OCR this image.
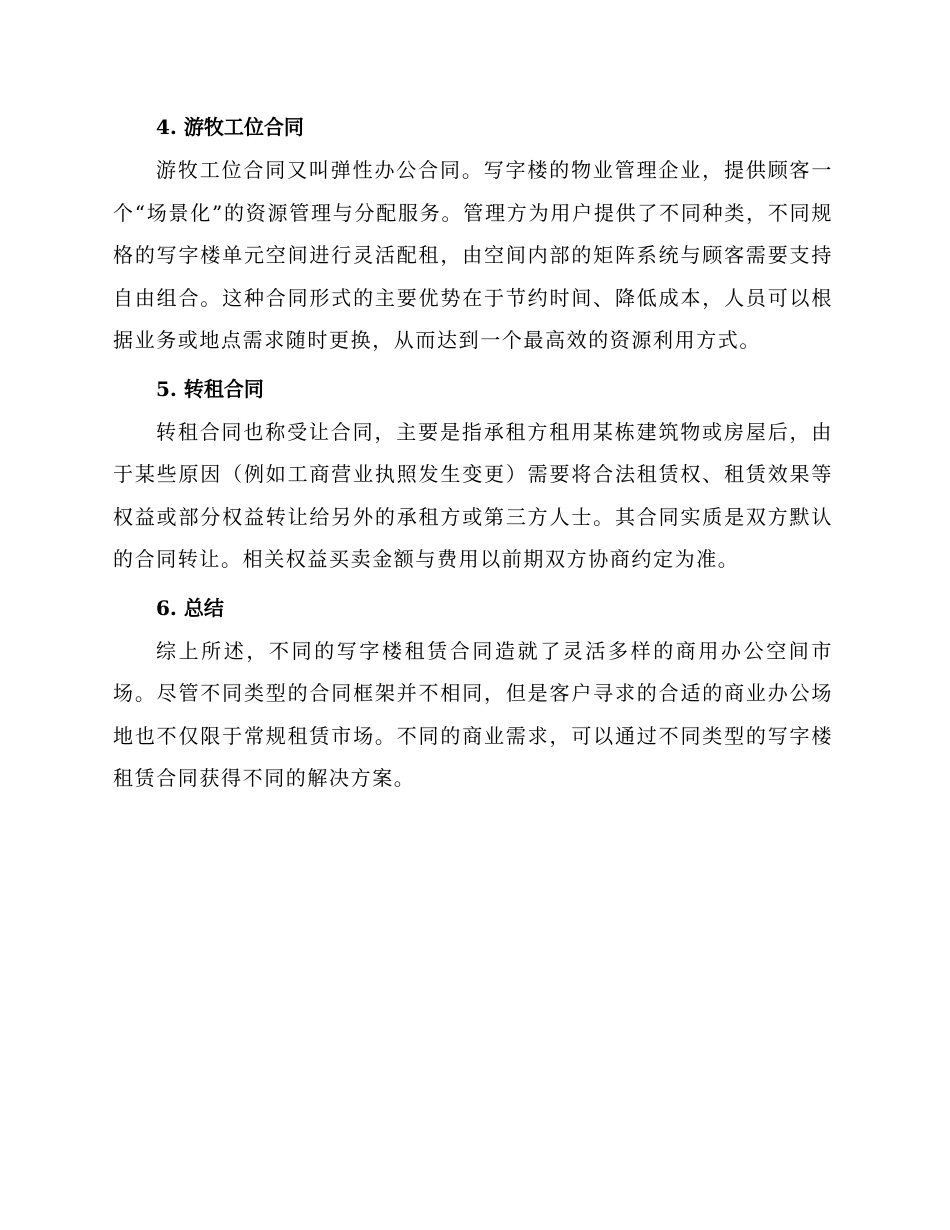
4. 游牧工位合同

游牧工位合同又叫弹性办公合同。写字楼的物业管理企业，提供顾客一个“场景化”的资源管理与分配服务。管理方为用户提供了不同种类，不同规格的写字楼单元空间进行灵活配租，由空间内部的矩阵系统与顾客需要支持自由组合。这种合同形式的主要优势在于节约时间、降低成本，人员可以根据业务或地点需求随时更换，从而达到一个最高效的资源利用方式。

5. 转租合同

转租合同也称受让合同，主要是指承租方租用某栋建筑物或房屋后，由于某些原因（例如工商营业执照发生变更）需要将合法租赁权、租赁效果等权益或部分权益转让给另外的承租方或第三方人士。其合同实质是双方默认的合同转让。相关权益买卖金额与费用以前期双方协商约定为准。

6. 总结

综上所述，不同的写字楼租赁合同造就了灵活多样的商用办公空间市场。尽管不同类型的合同框架并不相同，但是客户寻求的合适的商业办公场地也不仅限于常规租赁市场。不同的商业需求，可以通过不同类型的写字楼租赁合同获得不同的解决方案。
